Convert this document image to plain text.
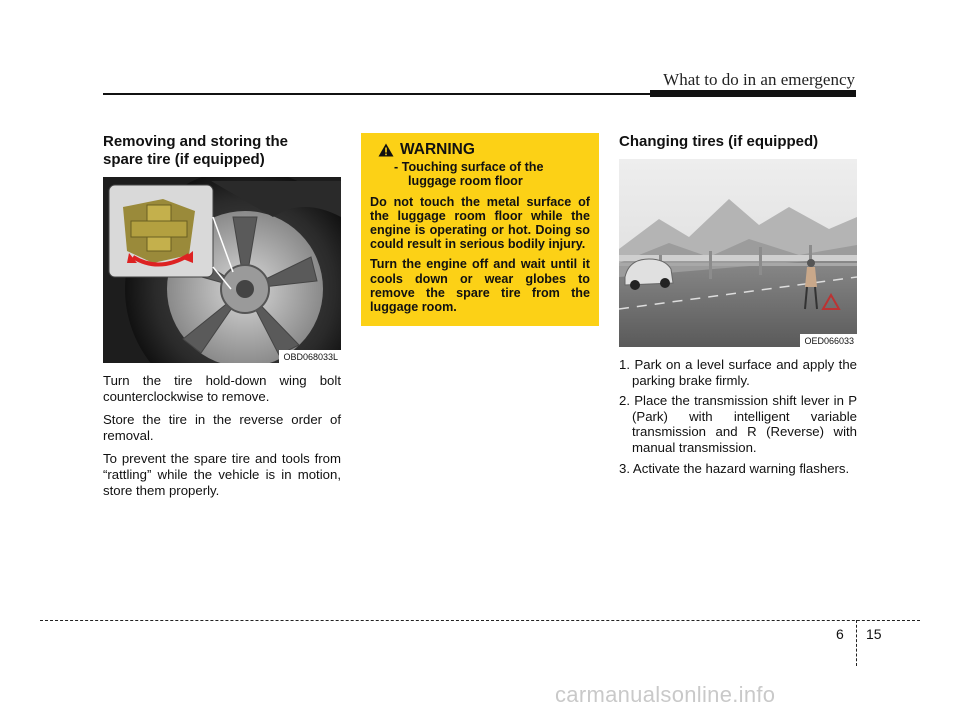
What to do in an emergency
Removing and storing the
spare tire (if equipped)
OBD068033L

Turn the tire hold-down wing bolt counterclockwise to remove.

Store the tire in the reverse order of removal.

To prevent the spare tire and tools from “rattling” while the vehicle is in motion, store them properly.

WARNING
- Touching surface of the
luggage room floor
Do not touch the metal surface of the luggage room floor while the engine is operating or hot. Doing so could result in serious bodily injury.
Turn the engine off and wait until it cools down or wear globes to remove the spare tire from the luggage room.
Changing tires (if equipped)
OED066033
1. Park on a level surface and apply the parking brake firmly.
2. Place the transmission shift lever in P (Park) with intelligent variable transmission and R (Reverse) with manual transmission.
3. Activate the hazard warning flashers.
6 15
carmanualsonline.info
